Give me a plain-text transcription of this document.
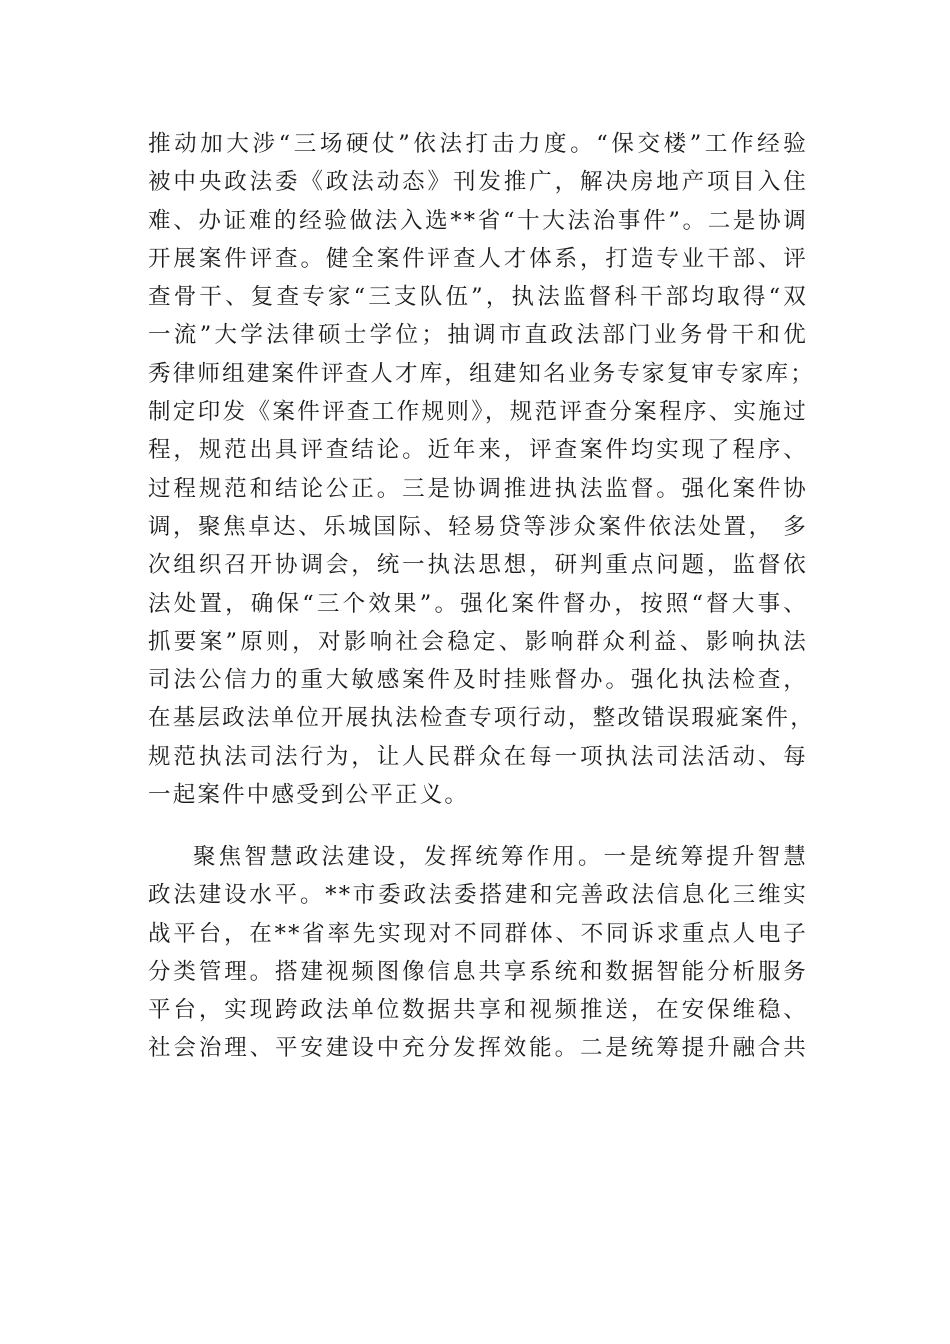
推动加大涉“三场硬仗”依法打击力度。“保交楼”工作经验
被中央政法委《政法动态》刊发推广，解决房地产项目入住
难、办证难的经验做法入选**省“十大法治事件”。二是协调
开展案件评查。健全案件评查人才体系，打造专业干部、评
查骨干、复查专家“三支队伍”，执法监督科干部均取得“双
一流”大学法律硕士学位；抽调市直政法部门业务骨干和优
秀律师组建案件评查人才库，组建知名业务专家复审专家库；
制定印发《案件评查工作规则》，规范评查分案程序、实施过
程，规范出具评查结论。近年来，评查案件均实现了程序、
过程规范和结论公正。三是协调推进执法监督。强化案件协
调，聚焦卓达、乐城国际、轻易贷等涉众案件依法处置， 多
次组织召开协调会，统一执法思想，研判重点问题，监督依
法处置，确保“三个效果”。强化案件督办，按照“督大事、
抓要案”原则，对影响社会稳定、影响群众利益、影响执法
司法公信力的重大敏感案件及时挂账督办。强化执法检查，
在基层政法单位开展执法检查专项行动，整改错误瑕疵案件，
规范执法司法行为，让人民群众在每一项执法司法活动、每
一起案件中感受到公平正义。
聚焦智慧政法建设，发挥统筹作用。一是统筹提升智慧
政法建设水平。**市委政法委搭建和完善政法信息化三维实
战平台，在**省率先实现对不同群体、不同诉求重点人电子
分类管理。搭建视频图像信息共享系统和数据智能分析服务
平台，实现跨政法单位数据共享和视频推送，在安保维稳、
社会治理、平安建设中充分发挥效能。二是统筹提升融合共
